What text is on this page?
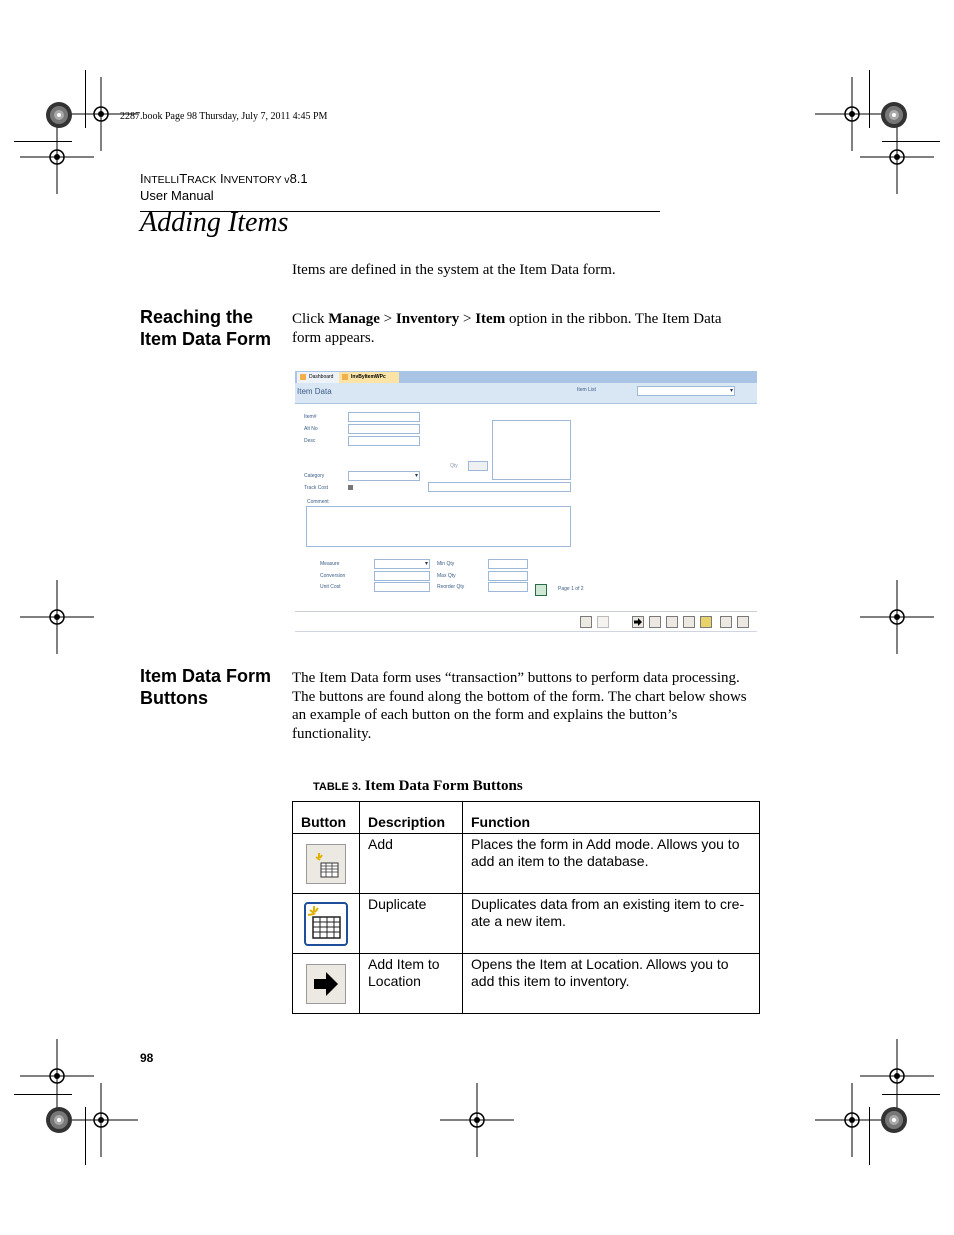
2287.book Page 98 Thursday, July 7, 2011 4:45 PM
INTELLITRACK INVENTORY v8.1
User Manual
Adding Items

Items are defined in the system at the Item Data form.

Reaching the Item Data Form

Click Manage > Inventory > Item option in the ribbon. The Item Data form appears.

Dashboard	InvByItemWPc
Item Data	Item List	▾
Item#
Alt No
Desc
Qty
Category	▾
Track Cost
Comment
Measure	▾
Conversion
Unit Cost
Min Qty
Max Qty
Reorder Qty	Page 1 of 2
Item Data Form Buttons

The Item Data form uses “transaction” buttons to perform data processing. The buttons are found along the bottom of the form. The chart below shows an example of each button on the form and explains the button’s functionality.

TABLE 3. Item Data Form Buttons
Button	Description	Function
	Add	Places the form in Add mode. Allows you to add an item to the database.
	Duplicate	Duplicates data from an existing item to cre-ate a new item.
	Add Item to Location	Opens the Item at Location. Allows you to add this item to inventory.
98
